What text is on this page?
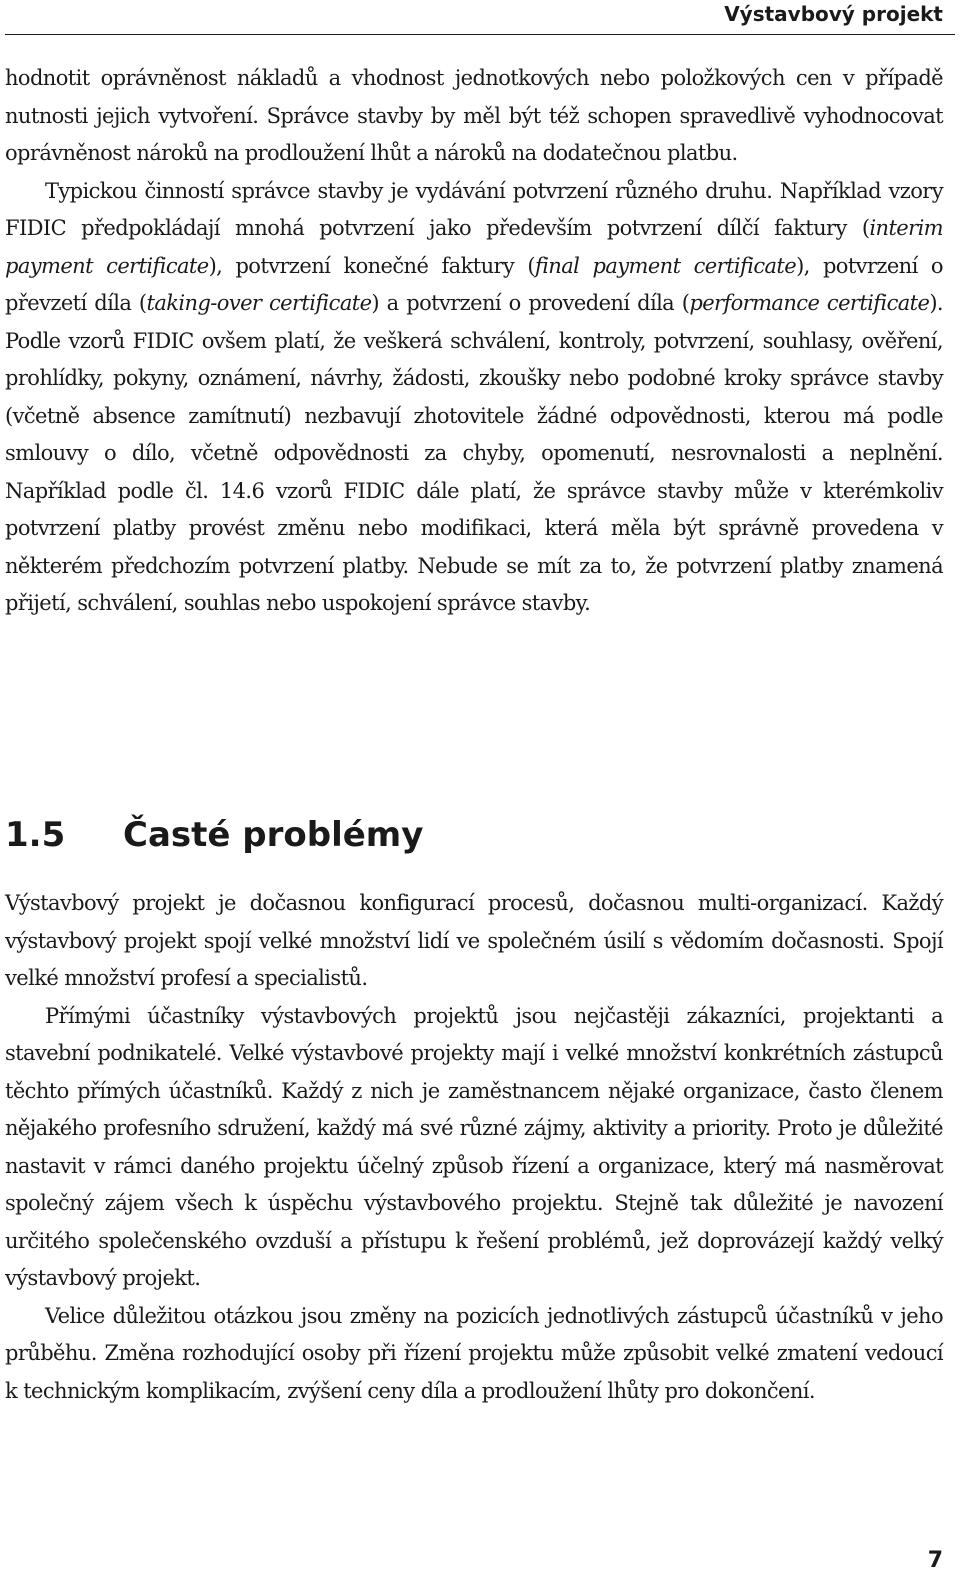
Výstavbový projekt

hodnotit oprávněnost nákladů a vhodnost jednotkových nebo položkových cen v případě nutnosti jejich vytvoření. Správce stavby by měl být též schopen spravedlivě vyhodnocovat oprávněnost nároků na prodloužení lhůt a nároků na dodatečnou platbu.

Typickou činností správce stavby je vydávání potvrzení různého druhu. Například vzory FIDIC předpokládají mnohá potvrzení jako především potvrzení dílčí faktury (interim payment certificate), potvrzení konečné faktury (final payment certificate), potvrzení o převzetí díla (taking-over certificate) a potvrzení o provedení díla (performance certificate). Podle vzorů FIDIC ovšem platí, že veškerá schválení, kontroly, potvrzení, souhlasy, ověření, prohlídky, pokyny, oznámení, návrhy, žádosti, zkoušky nebo podobné kroky správce stavby (včetně absence zamítnutí) nezbavují zhotovitele žádné odpovědnosti, kterou má podle smlouvy o dílo, včetně odpovědnosti za chyby, opomenutí, nesrovnalosti a neplnění. Například podle čl. 14.6 vzorů FIDIC dále platí, že správce stavby může v kterémkoliv potvrzení platby provést změnu nebo modifikaci, která měla být správně provedena v některém předchozím potvrzení platby. Nebude se mít za to, že potvrzení platby znamená přijetí, schválení, souhlas nebo uspokojení správce stavby.

1.5 Časté problémy

Výstavbový projekt je dočasnou konfigurací procesů, dočasnou multi-organizací. Každý výstavbový projekt spojí velké množství lidí ve společném úsilí s vědomím dočasnosti. Spojí velké množství profesí a specialistů.

Přímými účastníky výstavbových projektů jsou nejčastěji zákazníci, projektanti a stavební podnikatelé. Velké výstavbové projekty mají i velké množství konkrétních zástupců těchto přímých účastníků. Každý z nich je zaměstnancem nějaké organizace, často členem nějakého profesního sdružení, každý má své různé zájmy, aktivity a priority. Proto je důležité nastavit v rámci daného projektu účelný způsob řízení a organizace, který má nasměrovat společný zájem všech k úspěchu výstavbového projektu. Stejně tak důležité je navození určitého společenského ovzduší a přístupu k řešení problémů, jež doprovázejí každý velký výstavbový projekt.

Velice důležitou otázkou jsou změny na pozicích jednotlivých zástupců účastníků v jeho průběhu. Změna rozhodující osoby při řízení projektu může způsobit velké zmatení vedoucí k technickým komplikacím, zvýšení ceny díla a prodloužení lhůty pro dokončení.

7
